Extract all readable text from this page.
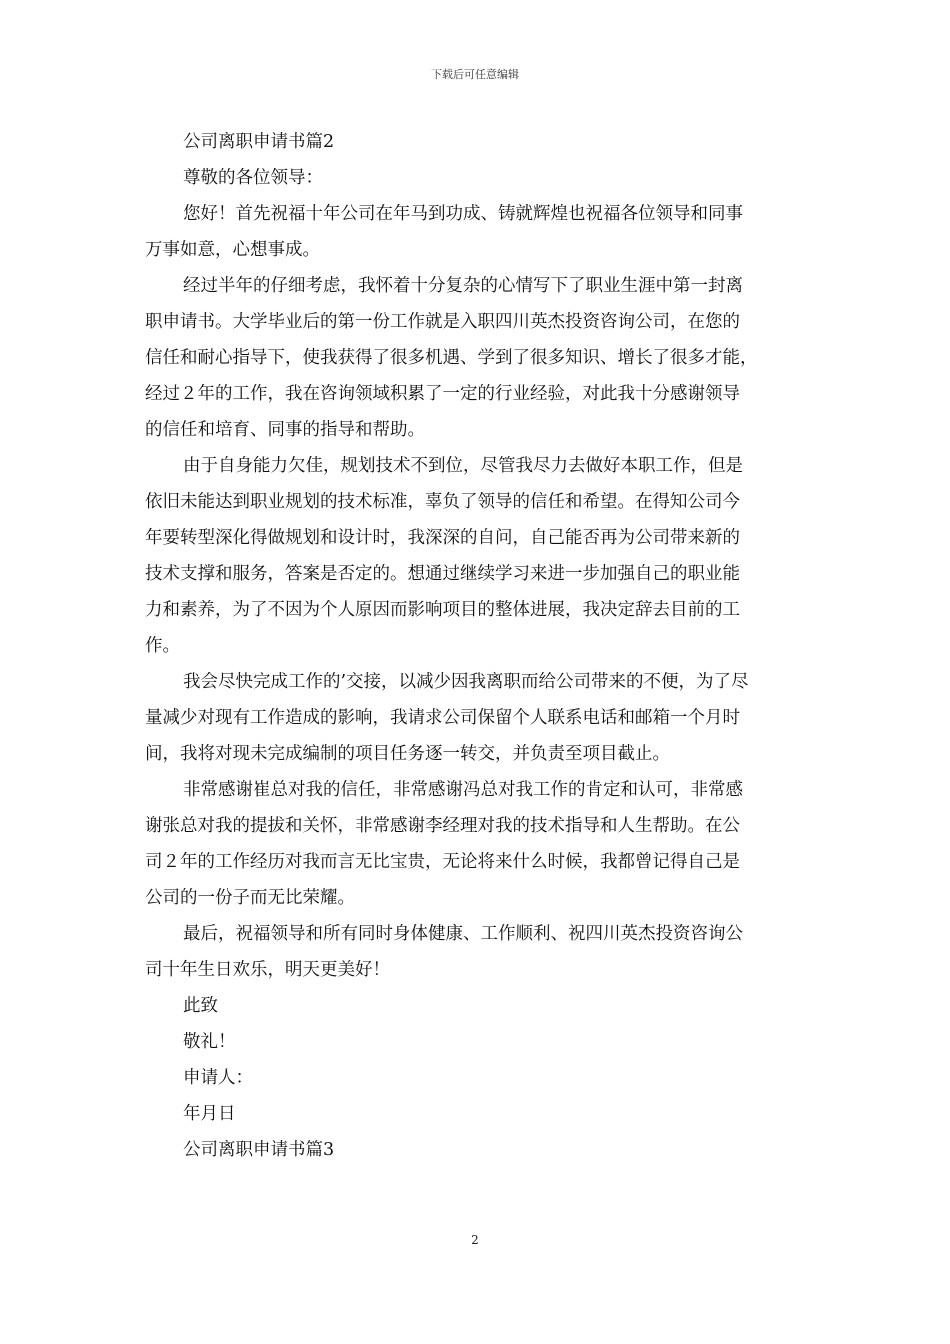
下载后可任意编辑
公司离职申请书篇2
尊敬的各位领导：
您好！首先祝福十年公司在年马到功成、铸就辉煌也祝福各位领导和同事
万事如意，心想事成。
经过半年的仔细考虑，我怀着十分复杂的心情写下了职业生涯中第一封离
职申请书。大学毕业后的第一份工作就是入职四川英杰投资咨询公司，在您的
信任和耐心指导下，使我获得了很多机遇、学到了很多知识、增长了很多才能，
经过２年的工作，我在咨询领域积累了一定的行业经验，对此我十分感谢领导
的信任和培育、同事的指导和帮助。
由于自身能力欠佳，规划技术不到位，尽管我尽力去做好本职工作，但是
依旧未能达到职业规划的技术标准，辜负了领导的信任和希望。在得知公司今
年要转型深化得做规划和设计时，我深深的自问，自己能否再为公司带来新的
技术支撑和服务，答案是否定的。想通过继续学习来进一步加强自己的职业能
力和素养，为了不因为个人原因而影响项目的整体进展，我决定辞去目前的工
作。
我会尽快完成工作的’交接，以减少因我离职而给公司带来的不便，为了尽
量减少对现有工作造成的影响，我请求公司保留个人联系电话和邮箱一个月时
间，我将对现未完成编制的项目任务逐一转交，并负责至项目截止。
非常感谢崔总对我的信任，非常感谢冯总对我工作的肯定和认可，非常感
谢张总对我的提拔和关怀，非常感谢李经理对我的技术指导和人生帮助。在公
司２年的工作经历对我而言无比宝贵，无论将来什么时候，我都曾记得自己是
公司的一份子而无比荣耀。
最后，祝福领导和所有同时身体健康、工作顺利、祝四川英杰投资咨询公
司十年生日欢乐，明天更美好！
此致
敬礼！
申请人：
年月日
公司离职申请书篇3
2
